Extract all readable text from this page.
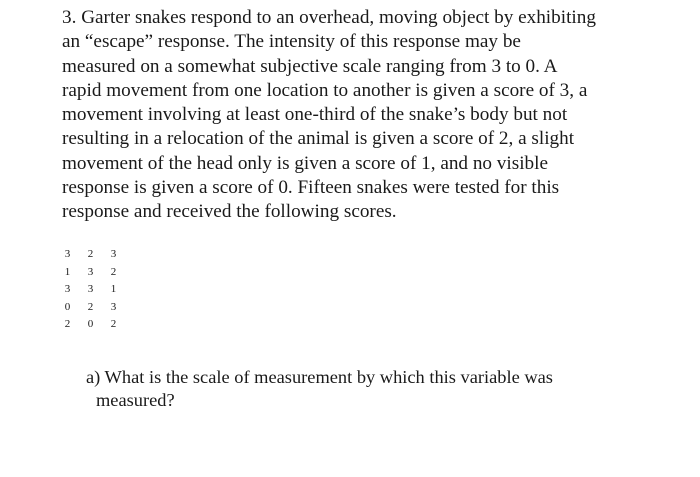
3. Garter snakes respond to an overhead, moving object by exhibiting
an “escape” response. The intensity of this response may be
measured on a somewhat subjective scale ranging from 3 to 0. A
rapid movement from one location to another is given a score of 3, a
movement involving at least one-third of the snake’s body but not
resulting in a relocation of the animal is given a score of 2, a slight
movement of the head only is given a score of 1, and no visible
response is given a score of 0. Fifteen snakes were tested for this
response and received the following scores.

3	2	3
1	3	2
3	3	1
0	2	3
2	0	2

a) What is the scale of measurement by which this variable was
measured?
